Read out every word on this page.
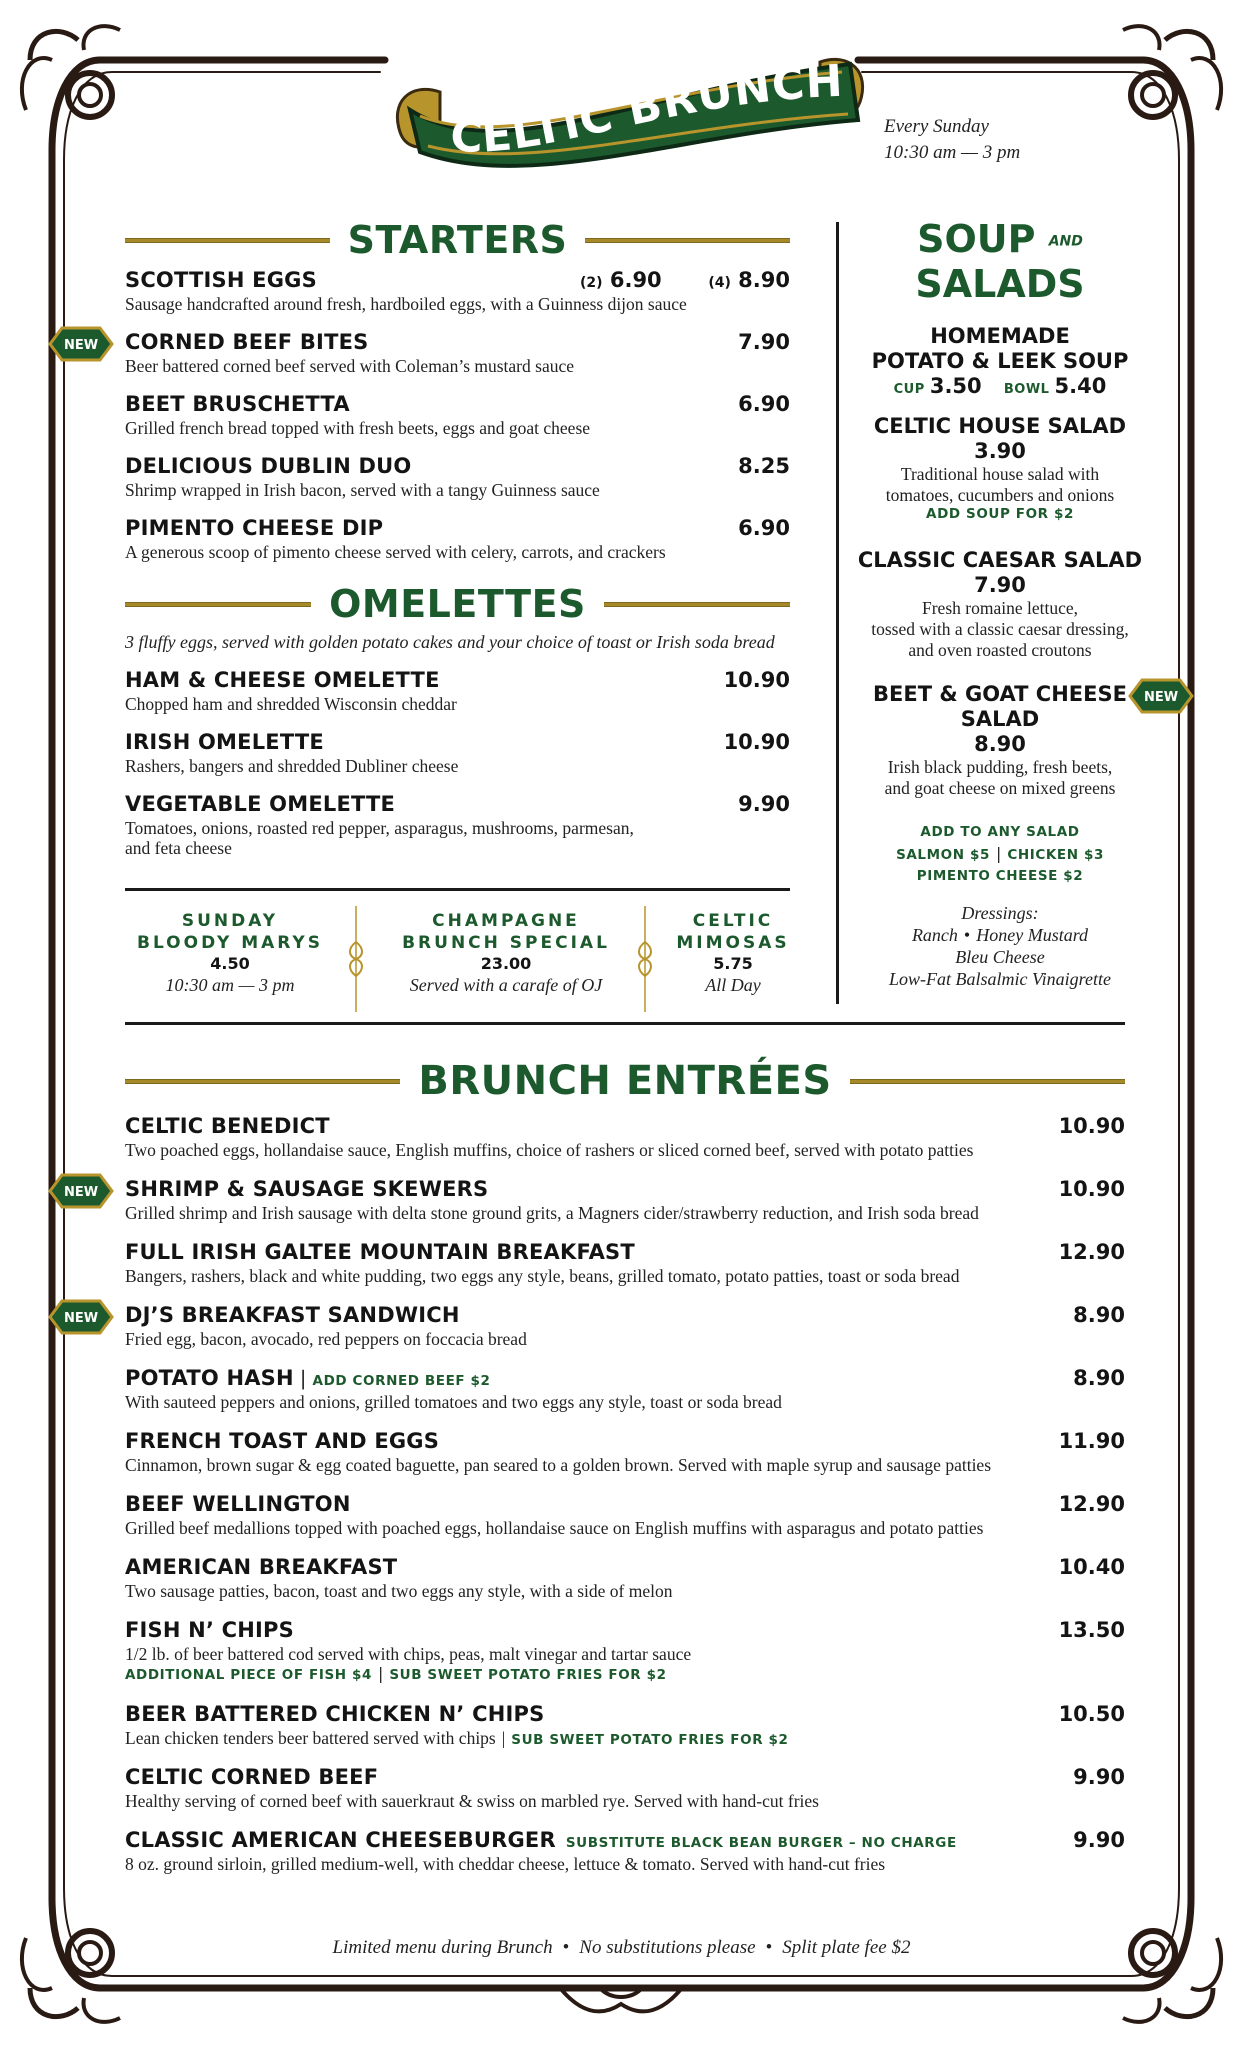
CELTIC BRUNCH
Every Sunday
10:30 am — 3 pm
STARTERS
SCOTTISH EGGS	(2) 6.90	(4) 8.90
Sausage handcrafted around fresh, hardboiled eggs, with a Guinness dijon sauce
CORNED BEEF BITES	7.90
Beer battered corned beef served with Coleman’s mustard sauce
BEET BRUSCHETTA	6.90
Grilled french bread topped with fresh beets, eggs and goat cheese
DELICIOUS DUBLIN DUO	8.25
Shrimp wrapped in Irish bacon, served with a tangy Guinness sauce
PIMENTO CHEESE DIP	6.90
A generous scoop of pimento cheese served with celery, carrots, and crackers
OMELETTES
3 fluffy eggs, served with golden potato cakes and your choice of toast or Irish soda bread
HAM & CHEESE OMELETTE	10.90
Chopped ham and shredded Wisconsin cheddar
IRISH OMELETTE	10.90
Rashers, bangers and shredded Dubliner cheese
VEGETABLE OMELETTE	9.90
Tomatoes, onions, roasted red pepper, asparagus, mushrooms, parmesan,
and feta cheese
SUNDAY
BLOODY MARYS
4.50
10:30 am — 3 pm
CHAMPAGNE
BRUNCH SPECIAL
23.00
Served with a carafe of OJ
CELTIC
MIMOSAS
5.75
All Day
SOUP AND
SALADS
HOMEMADE
POTATO & LEEK SOUP
CUP 3.50 BOWL 5.40
CELTIC HOUSE SALAD
3.90
Traditional house salad with
tomatoes, cucumbers and onions
ADD SOUP FOR $2
CLASSIC CAESAR SALAD
7.90
Fresh romaine lettuce,
tossed with a classic caesar dressing,
and oven roasted croutons
BEET & GOAT CHEESE
SALAD
8.90
Irish black pudding, fresh beets,
and goat cheese on mixed greens
ADD TO ANY SALAD
SALMON $5 | CHICKEN $3
PIMENTO CHEESE $2
Dressings:
Ranch • Honey Mustard
Bleu Cheese
Low-Fat Balsalmic Vinaigrette
BRUNCH ENTRÉES
CELTIC BENEDICT	10.90
Two poached eggs, hollandaise sauce, English muffins, choice of rashers or sliced corned beef, served with potato patties
SHRIMP & SAUSAGE SKEWERS	10.90
Grilled shrimp and Irish sausage with delta stone ground grits, a Magners cider/strawberry reduction, and Irish soda bread
FULL IRISH GALTEE MOUNTAIN BREAKFAST	12.90
Bangers, rashers, black and white pudding, two eggs any style, beans, grilled tomato, potato patties, toast or soda bread
DJ’S BREAKFAST SANDWICH	8.90
Fried egg, bacon, avocado, red peppers on foccacia bread
POTATO HASH | ADD CORNED BEEF $2	8.90
With sauteed peppers and onions, grilled tomatoes and two eggs any style, toast or soda bread
FRENCH TOAST AND EGGS	11.90
Cinnamon, brown sugar & egg coated baguette, pan seared to a golden brown. Served with maple syrup and sausage patties
BEEF WELLINGTON	12.90
Grilled beef medallions topped with poached eggs, hollandaise sauce on English muffins with asparagus and potato patties
AMERICAN BREAKFAST	10.40
Two sausage patties, bacon, toast and two eggs any style, with a side of melon
FISH N’ CHIPS	13.50
1/2 lb. of beer battered cod served with chips, peas, malt vinegar and tartar sauce
ADDITIONAL PIECE OF FISH $4 | SUB SWEET POTATO FRIES FOR $2
BEER BATTERED CHICKEN N’ CHIPS	10.50
Lean chicken tenders beer battered served with chips | SUB SWEET POTATO FRIES FOR $2
CELTIC CORNED BEEF	9.90
Healthy serving of corned beef with sauerkraut & swiss on marbled rye. Served with hand-cut fries
CLASSIC AMERICAN CHEESEBURGER SUBSTITUTE BLACK BEAN BURGER – NO CHARGE	9.90
8 oz. ground sirloin, grilled medium-well, with cheddar cheese, lettuce & tomato. Served with hand-cut fries
NEW
NEW
NEW
NEW
Limited menu during Brunch • No substitutions please • Split plate fee $2
